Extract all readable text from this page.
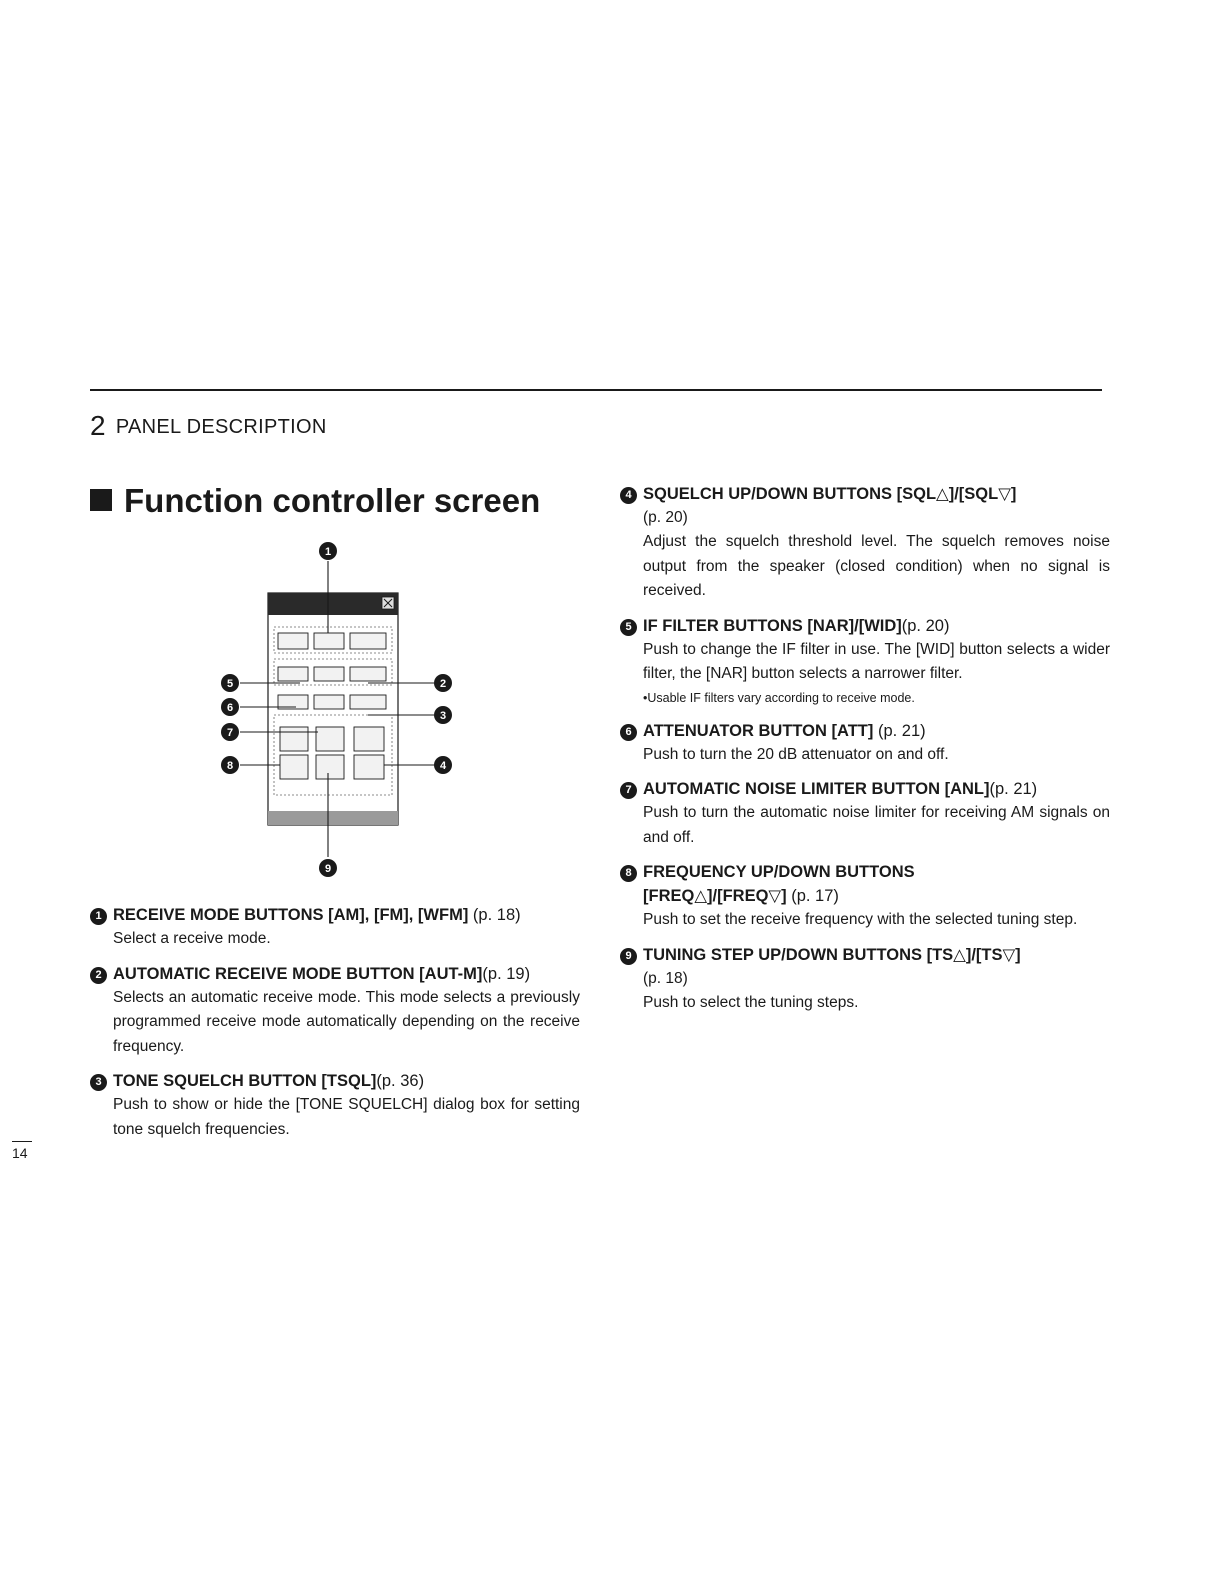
2 PANEL DESCRIPTION
Function controller screen
1
2
3
4
5
6
7
8
9
1 RECEIVE MODE BUTTONS [AM], [FM], [WFM] (p. 18)
Select a receive mode.
2 AUTOMATIC RECEIVE MODE BUTTON [AUT-M](p. 19)
Selects an automatic receive mode. This mode selects a previously programmed receive mode automatically depending on the receive frequency.
3 TONE SQUELCH BUTTON [TSQL](p. 36)
Push to show or hide the [TONE SQUELCH] dialog box for setting tone squelch frequencies.
4 SQUELCH UP/DOWN BUTTONS [SQL△]/[SQL▽]
(p. 20)
Adjust the squelch threshold level. The squelch removes noise output from the speaker (closed condition) when no signal is received.
5 IF FILTER BUTTONS [NAR]/[WID](p. 20)
Push to change the IF filter in use. The [WID] button selects a wider filter, the [NAR] button selects a narrower filter.
•Usable IF filters vary according to receive mode.
6 ATTENUATOR BUTTON [ATT] (p. 21)
Push to turn the 20 dB attenuator on and off.
7 AUTOMATIC NOISE LIMITER BUTTON [ANL](p. 21)
Push to turn the automatic noise limiter for receiving AM signals on and off.
8 FREQUENCY UP/DOWN BUTTONS
[FREQ△]/[FREQ▽] (p. 17)
Push to set the receive frequency with the selected tuning step.
9 TUNING STEP UP/DOWN BUTTONS [TS△]/[TS▽]
(p. 18)
Push to select the tuning steps.
14
